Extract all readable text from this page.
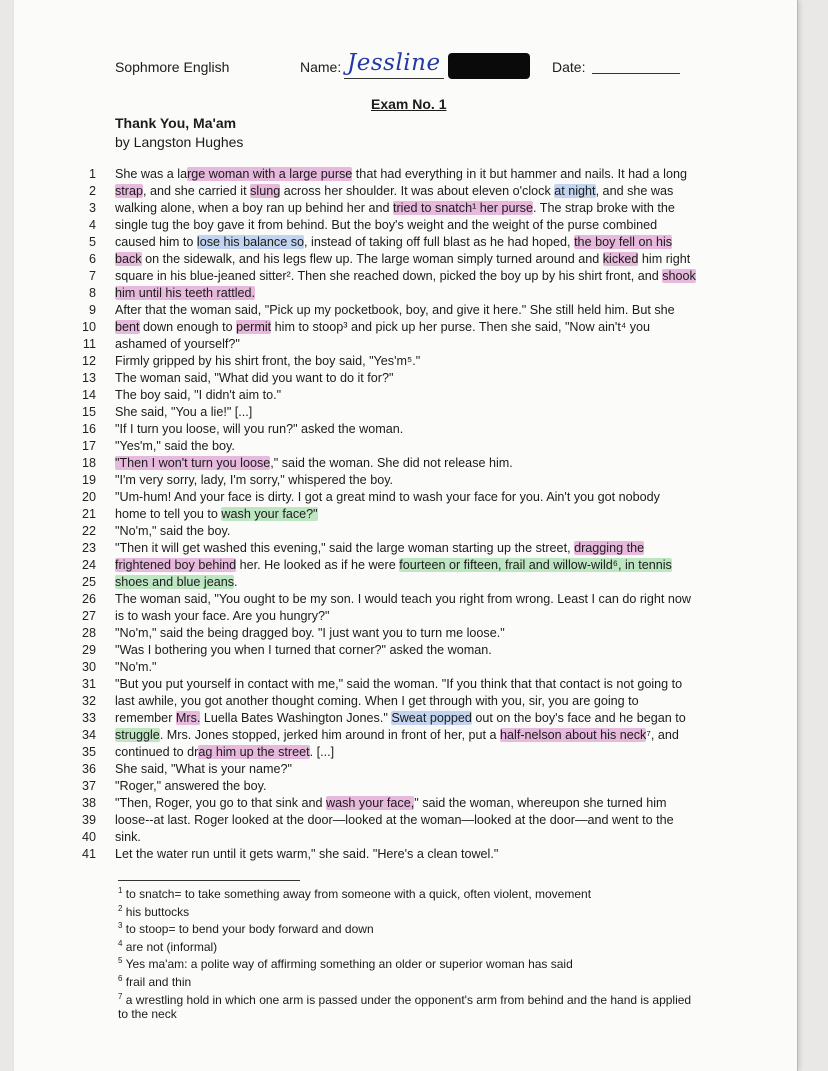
Sophmore English	Name: Jessline	Date:
Exam No. 1
Thank You, Ma'am
by Langston Hughes
1 She was a large woman with a large purse that had everything in it but hammer and nails. It had a long
2 strap, and she carried it slung across her shoulder. It was about eleven o'clock at night, and she was
3 walking alone, when a boy ran up behind her and tried to snatch¹ her purse. The strap broke with the
4 single tug the boy gave it from behind. But the boy's weight and the weight of the purse combined
5 caused him to lose his balance so, instead of taking off full blast as he had hoped, the boy fell on his
6 back on the sidewalk, and his legs flew up. The large woman simply turned around and kicked him right
7 square in his blue-jeaned sitter². Then she reached down, picked the boy up by his shirt front, and shook
8 him until his teeth rattled.
9 After that the woman said, "Pick up my pocketbook, boy, and give it here." She still held him. But she
10 bent down enough to permit him to stoop³ and pick up her purse. Then she said, "Now ain't⁴ you
11 ashamed of yourself?"
12 Firmly gripped by his shirt front, the boy said, "Yes'm⁵."
13 The woman said, "What did you want to do it for?"
14 The boy said, "I didn't aim to."
15 She said, "You a lie!" [...]
16 "If I turn you loose, will you run?" asked the woman.
17 "Yes'm," said the boy.
18 "Then I won't turn you loose," said the woman. She did not release him.
19 "I'm very sorry, lady, I'm sorry," whispered the boy.
20 "Um-hum! And your face is dirty. I got a great mind to wash your face for you. Ain't you got nobody
21 home to tell you to wash your face?"
22 "No'm," said the boy.
23 "Then it will get washed this evening," said the large woman starting up the street, dragging the
24 frightened boy behind her. He looked as if he were fourteen or fifteen, frail and willow-wild⁶, in tennis
25 shoes and blue jeans.
26 The woman said, "You ought to be my son. I would teach you right from wrong. Least I can do right now
27 is to wash your face. Are you hungry?"
28 "No'm," said the being dragged boy. "I just want you to turn me loose."
29 "Was I bothering you when I turned that corner?" asked the woman.
30 "No'm."
31 "But you put yourself in contact with me," said the woman. "If you think that that contact is not going to
32 last awhile, you got another thought coming. When I get through with you, sir, you are going to
33 remember Mrs. Luella Bates Washington Jones." Sweat popped out on the boy's face and he began to
34 struggle. Mrs. Jones stopped, jerked him around in front of her, put a half-nelson about his neck⁷, and
35 continued to drag him up the street. [...]
36 She said, "What is your name?"
37 "Roger," answered the boy.
38 "Then, Roger, you go to that sink and wash your face," said the woman, whereupon she turned him
39 loose--at last. Roger looked at the door—looked at the woman—looked at the door—and went to the
40 sink.
41 Let the water run until it gets warm," she said. "Here's a clean towel."
$^1$ to snatch= to take something away from someone with a quick, often violent, movement
$^2$ his buttocks
$^3$ to stoop= to bend your body forward and down
$^4$ are not (informal)
$^5$ Yes ma'am: a polite way of affirming something an older or superior woman has said
$^6$ frail and thin
$^7$ a wrestling hold in which one arm is passed under the opponent's arm from behind and the hand is applied to the neck
